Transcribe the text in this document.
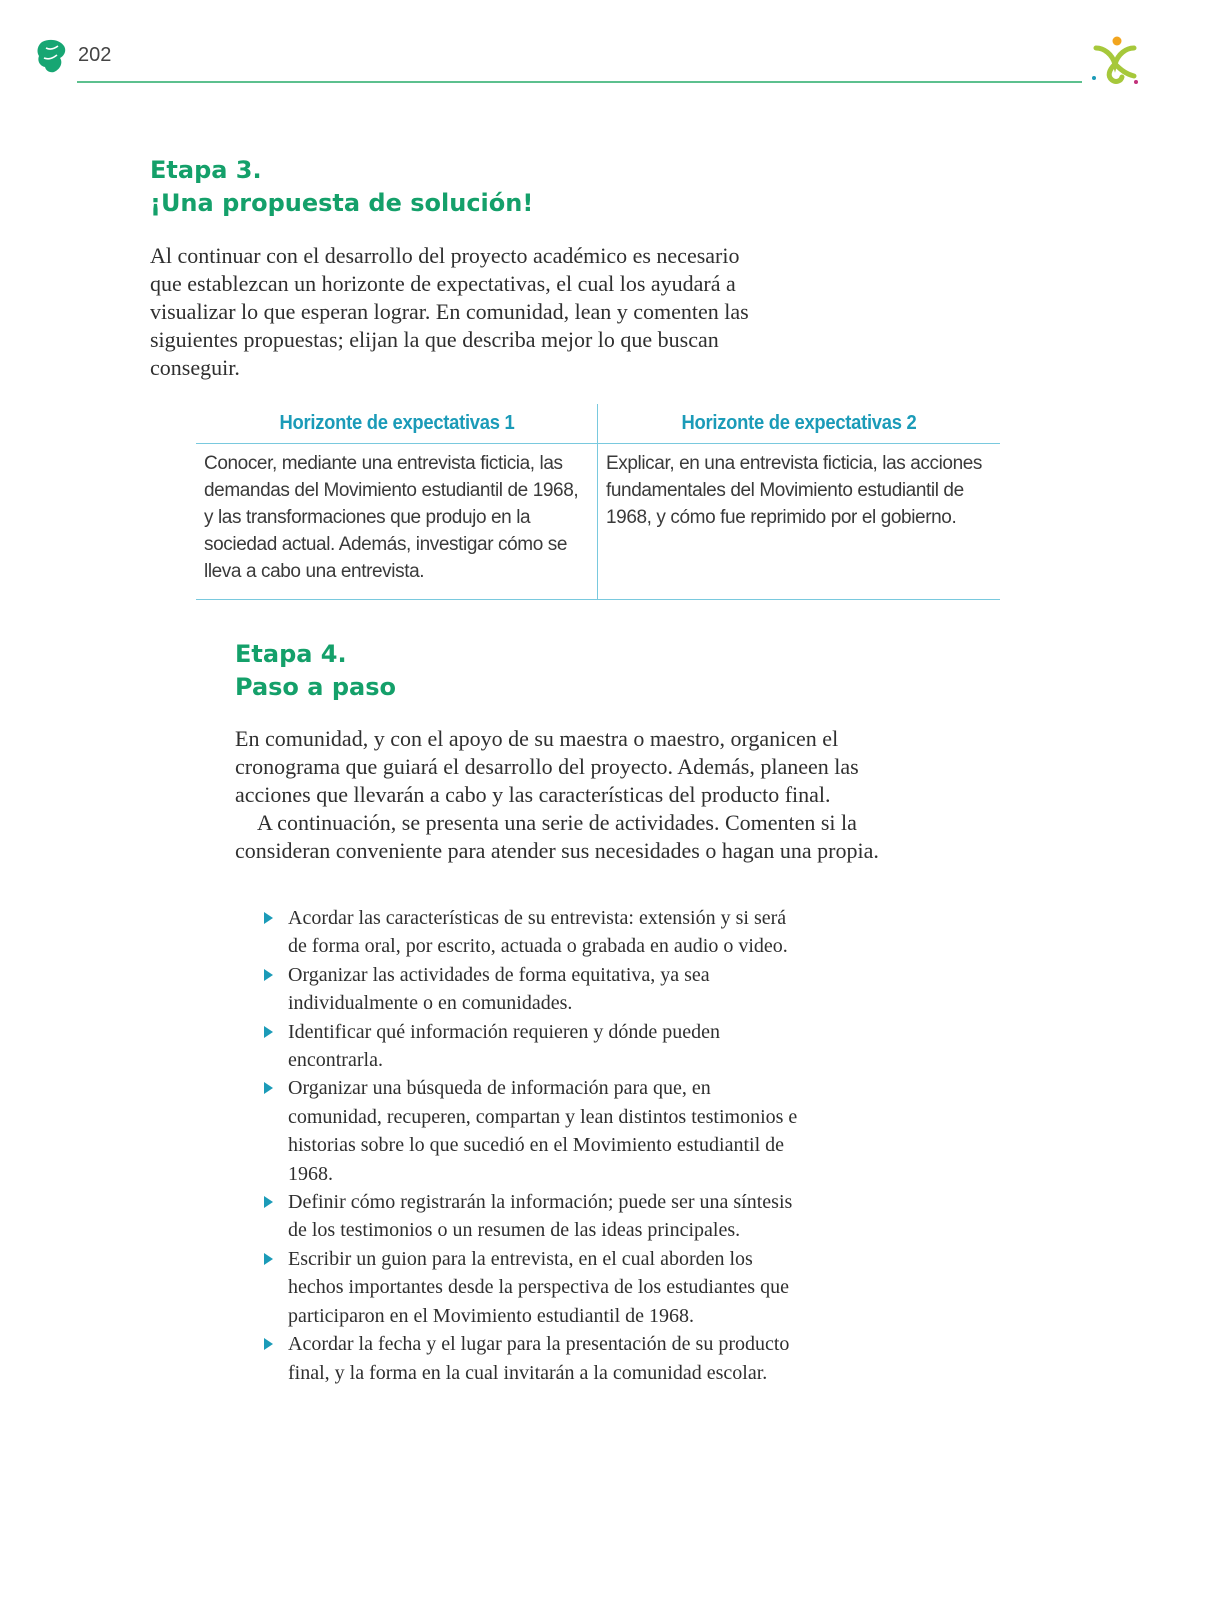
202
Etapa 3.
¡Una propuesta de solución!

Al continuar con el desarrollo del proyecto académico es necesario que establezcan un horizonte de expectativas, el cual los ayudará a visualizar lo que esperan lograr. En comunidad, lean y comenten las siguientes propuestas; elijan la que describa mejor lo que buscan conseguir.

Horizonte de expectativas 1
Conocer, mediante una entrevista ficticia, las demandas del Movimiento estudiantil de 1968, y las transformaciones que produjo en la sociedad actual. Además, investigar cómo se lleva a cabo una entrevista.
Horizonte de expectativas 2
Explicar, en una entrevista ficticia, las acciones fundamentales del Movimiento estudiantil de 1968, y cómo fue reprimido por el gobierno.
Etapa 4.
Paso a paso

En comunidad, y con el apoyo de su maestra o maestro, organicen el cronograma que guiará el desarrollo del proyecto. Además, planeen las acciones que llevarán a cabo y las características del producto final.

A continuación, se presenta una serie de actividades. Comenten si la consideran conveniente para atender sus necesidades o hagan una propia.

Acordar las características de su entrevista: extensión y si será de forma oral, por escrito, actuada o grabada en audio o video.
Organizar las actividades de forma equitativa, ya sea individualmente o en comunidades.
Identificar qué información requieren y dónde pueden encontrarla.
Organizar una búsqueda de información para que, en comunidad, recuperen, compartan y lean distintos testimonios e historias sobre lo que sucedió en el Movimiento estudiantil de 1968.
Definir cómo registrarán la información; puede ser una síntesis de los testimonios o un resumen de las ideas principales.
Escribir un guion para la entrevista, en el cual aborden los hechos importantes desde la perspectiva de los estudiantes que participaron en el Movimiento estudiantil de 1968.
Acordar la fecha y el lugar para la presentación de su producto final, y la forma en la cual invitarán a la comunidad escolar.
